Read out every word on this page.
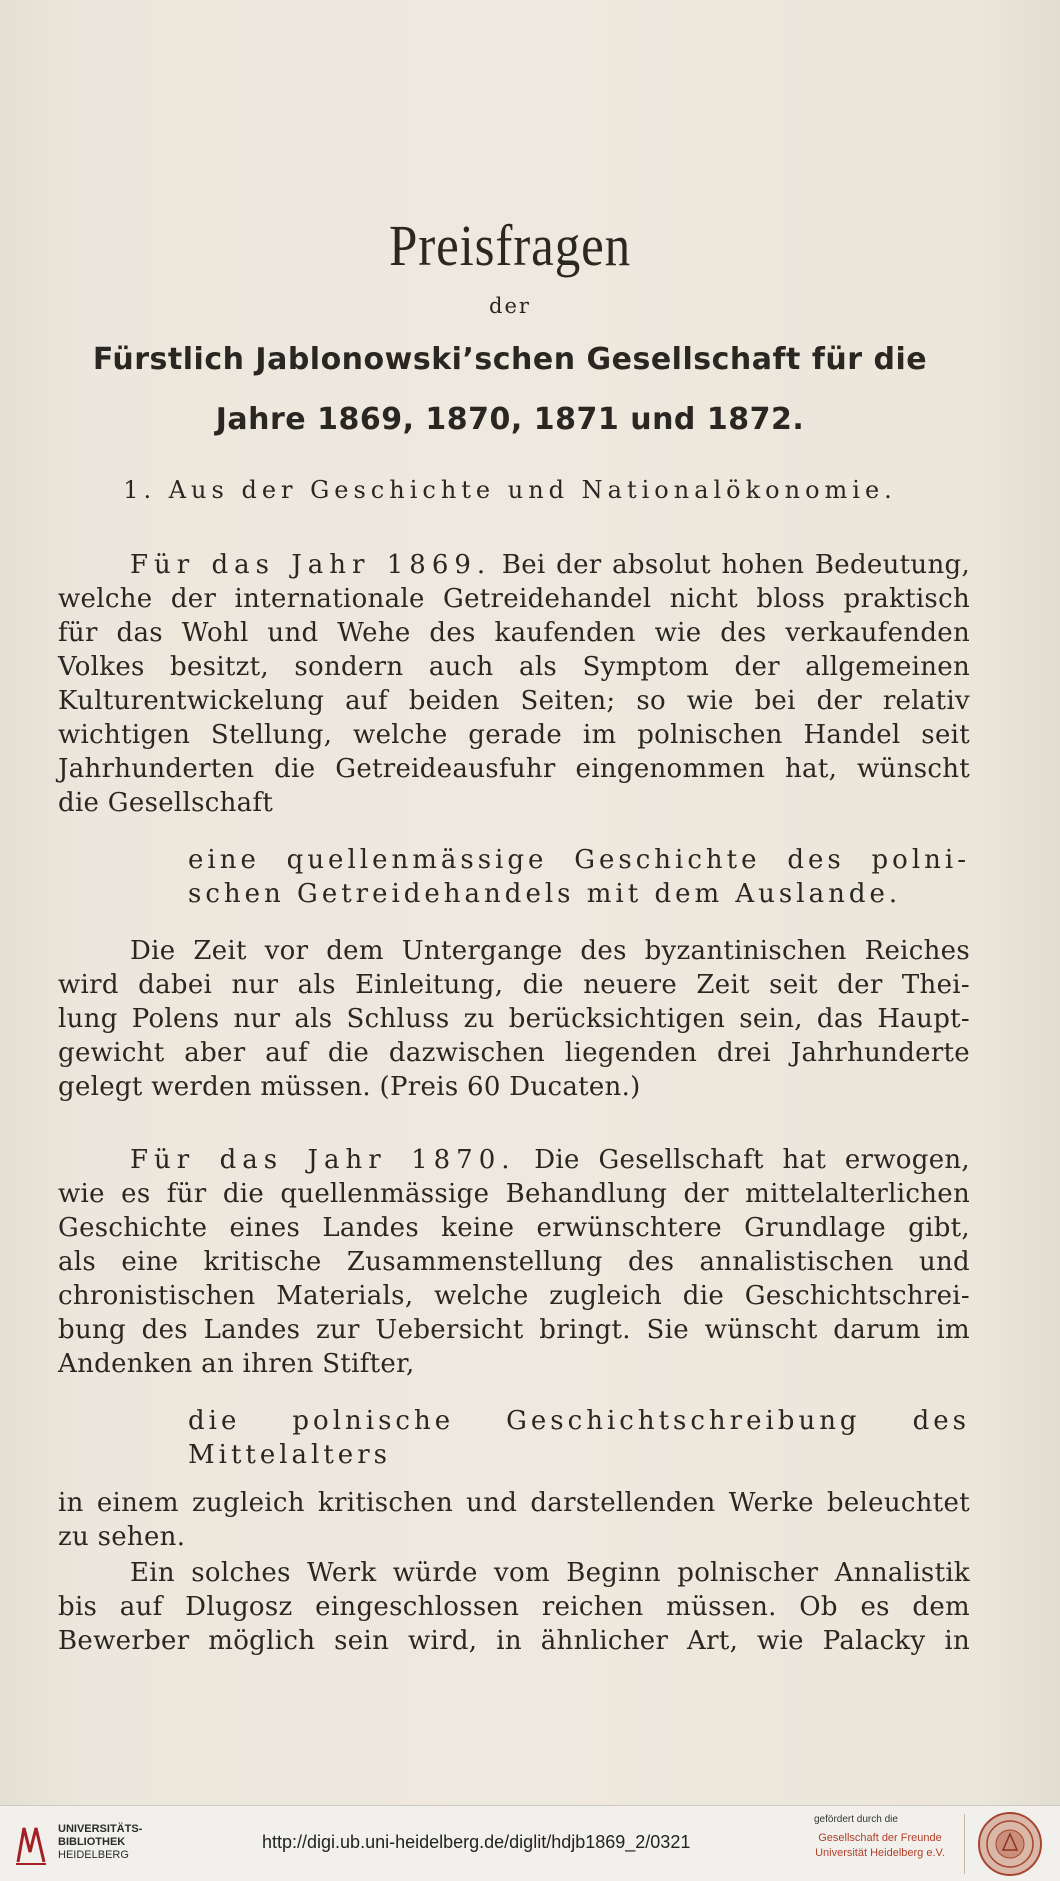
Preisfragen
der
Fürstlich Jablonowski’schen Gesellschaft für die
Jahre 1869, 1870, 1871 und 1872.
1. Aus der Geschichte und Nationalökonomie.
Für das Jahr 1869. Bei der absolut hohen Bedeutung,
welche der internationale Getreidehandel nicht bloss praktisch
für das Wohl und Wehe des kaufenden wie des verkaufenden
Volkes besitzt, sondern auch als Symptom der allgemeinen
Kulturentwickelung auf beiden Seiten; so wie bei der relativ
wichtigen Stellung, welche gerade im polnischen Handel seit
Jahrhunderten die Getreideausfuhr eingenommen hat, wünscht
die Gesellschaft
eine quellenmässige Geschichte des polni-
schen Getreidehandels mit dem Auslande.
Die Zeit vor dem Untergange des byzantinischen Reiches
wird dabei nur als Einleitung, die neuere Zeit seit der Thei-
lung Polens nur als Schluss zu berücksichtigen sein, das Haupt-
gewicht aber auf die dazwischen liegenden drei Jahrhunderte
gelegt werden müssen. (Preis 60 Ducaten.)
Für das Jahr 1870. Die Gesellschaft hat erwogen,
wie es für die quellenmässige Behandlung der mittelalterlichen
Geschichte eines Landes keine erwünschtere Grundlage gibt,
als eine kritische Zusammenstellung des annalistischen und
chronistischen Materials, welche zugleich die Geschichtschrei-
bung des Landes zur Uebersicht bringt. Sie wünscht darum im
Andenken an ihren Stifter,
die polnische Geschichtschreibung des
Mittelalters
in einem zugleich kritischen und darstellenden Werke beleuchtet
zu sehen.
Ein solches Werk würde vom Beginn polnischer Annalistik
bis auf Dlugosz eingeschlossen reichen müssen. Ob es dem
Bewerber möglich sein wird, in ähnlicher Art, wie Palacky in
UNIVERSITÄTS-
BIBLIOTHEK
HEIDELBERG
http://digi.ub.uni-heidelberg.de/diglit/hdjb1869_2/0321
gefördert durch die
Gesellschaft der Freunde
Universität Heidelberg e.V.
